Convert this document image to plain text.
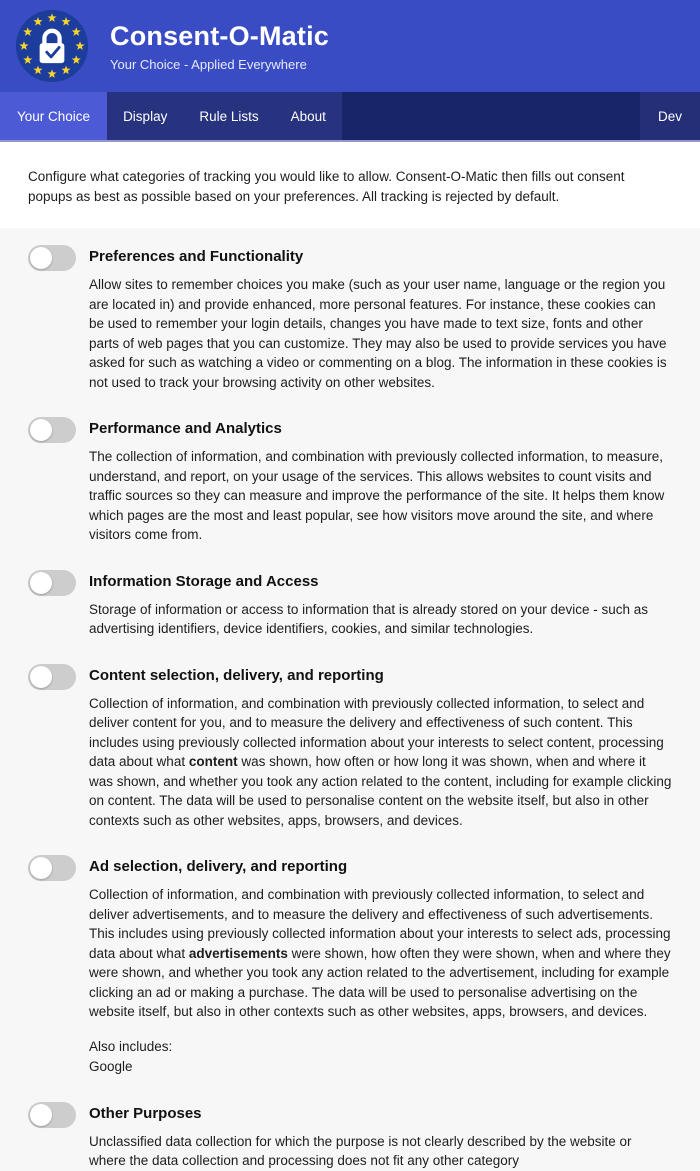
Consent-O-Matic
Your Choice - Applied Everywhere
Your Choice	Display	Rule Lists	About	Dev

Configure what categories of tracking you would like to allow. Consent-O-Matic then fills out consent popups as best as possible based on your preferences. All tracking is rejected by default.

Preferences and Functionality
Allow sites to remember choices you make (such as your user name, language or the region you are located in) and provide enhanced, more personal features. For instance, these cookies can be used to remember your login details, changes you have made to text size, fonts and other parts of web pages that you can customize. They may also be used to provide services you have asked for such as watching a video or commenting on a blog. The information in these cookies is not used to track your browsing activity on other websites.
Performance and Analytics
The collection of information, and combination with previously collected information, to measure, understand, and report, on your usage of the services. This allows websites to count visits and traffic sources so they can measure and improve the performance of the site. It helps them know which pages are the most and least popular, see how visitors move around the site, and where visitors come from.
Information Storage and Access
Storage of information or access to information that is already stored on your device - such as advertising identifiers, device identifiers, cookies, and similar technologies.
Content selection, delivery, and reporting
Collection of information, and combination with previously collected information, to select and deliver content for you, and to measure the delivery and effectiveness of such content. This includes using previously collected information about your interests to select content, processing data about what content was shown, how often or how long it was shown, when and where it was shown, and whether you took any action related to the content, including for example clicking on content. The data will be used to personalise content on the website itself, but also in other contexts such as other websites, apps, browsers, and devices.
Ad selection, delivery, and reporting
Collection of information, and combination with previously collected information, to select and deliver advertisements, and to measure the delivery and effectiveness of such advertisements. This includes using previously collected information about your interests to select ads, processing data about what advertisements were shown, how often they were shown, when and where they were shown, and whether you took any action related to the advertisement, including for example clicking an ad or making a purchase. The data will be used to personalise advertising on the website itself, but also in other contexts such as other websites, apps, browsers, and devices.
Also includes:
Google
Other Purposes
Unclassified data collection for which the purpose is not clearly described by the website or where the data collection and processing does not fit any other category
